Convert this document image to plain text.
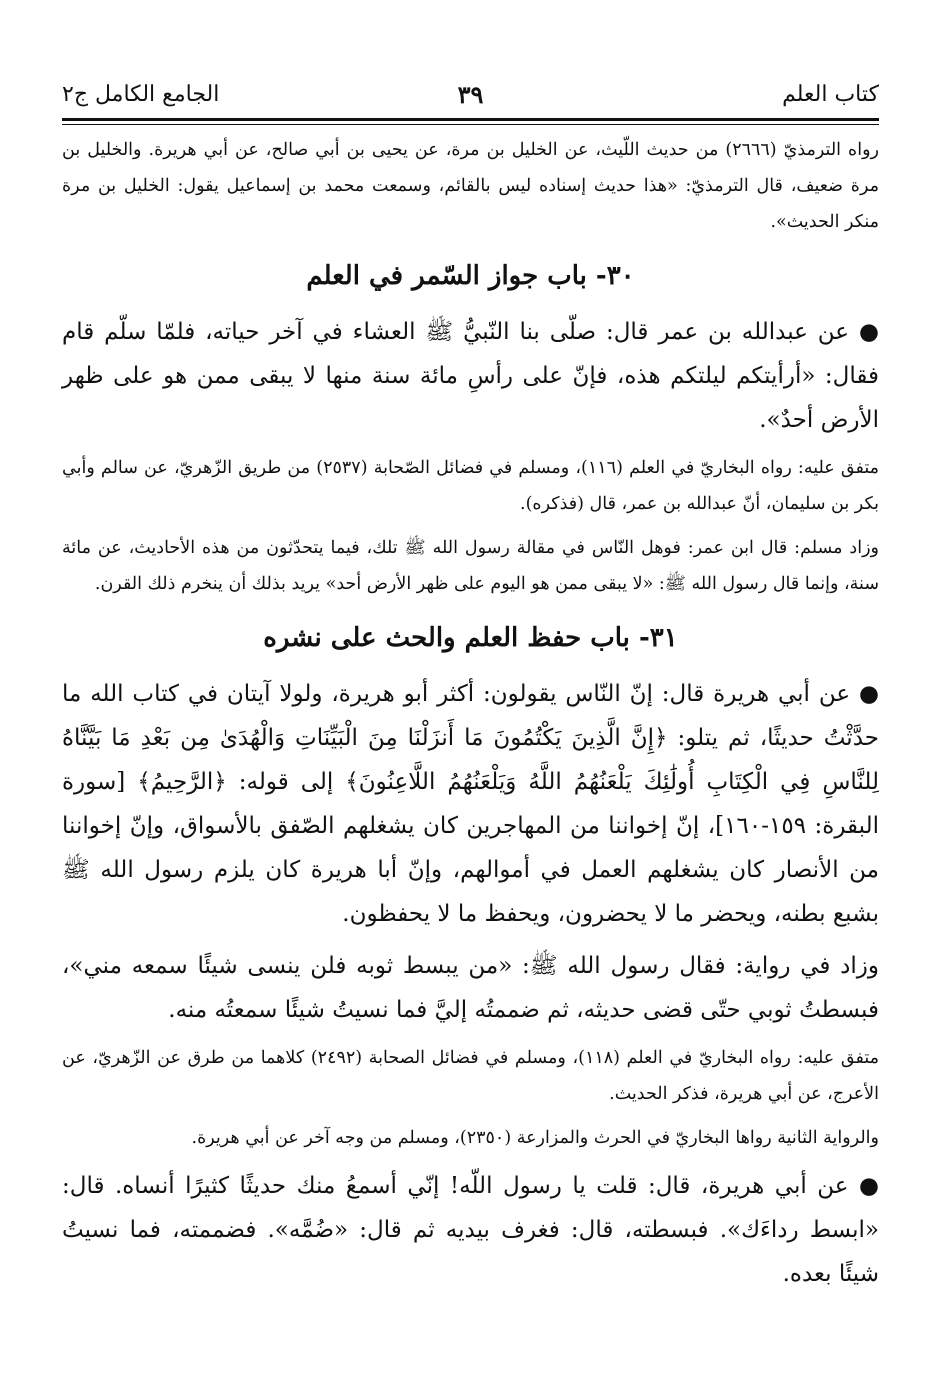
كتاب العلم
٣٩
الجامع الكامل ج٢

رواه الترمذيّ (٢٦٦٦) من حديث اللّيث، عن الخليل بن مرة، عن يحيى بن أبي صالح، عن أبي هريرة. والخليل بن مرة ضعيف، قال الترمذيّ: «هذا حديث إسناده ليس بالقائم، وسمعت محمد بن إسماعيل يقول: الخليل بن مرة منكر الحديث».

٣٠- باب جواز السّمر في العلم

● عن عبدالله بن عمر قال: صلّى بنا النّبيُّ ﷺ العشاء في آخر حياته، فلمّا سلّم قام فقال: «أرأيتكم ليلتكم هذه، فإنّ على رأسِ مائة سنة منها لا يبقى ممن هو على ظهر الأرض أحدٌ».

متفق عليه: رواه البخاريّ في العلم (١١٦)، ومسلم في فضائل الصّحابة (٢٥٣٧) من طريق الزّهريّ، عن سالم وأبي بكر بن سليمان، أنّ عبدالله بن عمر، قال (فذكره).

وزاد مسلم: قال ابن عمر: فوهل النّاس في مقالة رسول الله ﷺ تلك، فيما يتحدّثون من هذه الأحاديث، عن مائة سنة، وإنما قال رسول الله ﷺ: «لا يبقى ممن هو اليوم على ظهر الأرض أحد» يريد بذلك أن ينخرم ذلك القرن.

٣١- باب حفظ العلم والحث على نشره

● عن أبي هريرة قال: إنّ النّاس يقولون: أكثر أبو هريرة، ولولا آيتان في كتاب الله ما حدَّثْتُ حديثًا، ثم يتلو: ﴿إِنَّ الَّذِينَ يَكْتُمُونَ مَا أَنزَلْنَا مِنَ الْبَيِّنَاتِ وَالْهُدَىٰ مِن بَعْدِ مَا بَيَّنَّاهُ لِلنَّاسِ فِي الْكِتَابِ أُولَٰئِكَ يَلْعَنُهُمُ اللَّهُ وَيَلْعَنُهُمُ اللَّاعِنُونَ﴾ إلى قوله: ﴿الرَّحِيمُ﴾ [سورة البقرة: ١٥٩-١٦٠]، إنّ إخواننا من المهاجرين كان يشغلهم الصّفق بالأسواق، وإنّ إخواننا من الأنصار كان يشغلهم العمل في أموالهم، وإنّ أبا هريرة كان يلزم رسول الله ﷺ بشبع بطنه، ويحضر ما لا يحضرون، ويحفظ ما لا يحفظون.

وزاد في رواية: فقال رسول الله ﷺ: «من يبسط ثوبه فلن ينسى شيئًا سمعه مني»، فبسطتُ ثوبي حتّى قضى حديثه، ثم ضممتُه إليَّ فما نسيتُ شيئًا سمعتُه منه.

متفق عليه: رواه البخاريّ في العلم (١١٨)، ومسلم في فضائل الصحابة (٢٤٩٢) كلاهما من طرق عن الزّهريّ، عن الأعرج، عن أبي هريرة، فذكر الحديث.

والرواية الثانية رواها البخاريّ في الحرث والمزارعة (٢٣٥٠)، ومسلم من وجه آخر عن أبي هريرة.

● عن أبي هريرة، قال: قلت يا رسول اللّه! إنّي أسمعُ منك حديثًا كثيرًا أنساه. قال: «ابسط رداءَك». فبسطته، قال: فغرف بيديه ثم قال: «ضُمَّه». فضممته، فما نسيتُ شيئًا بعده.
